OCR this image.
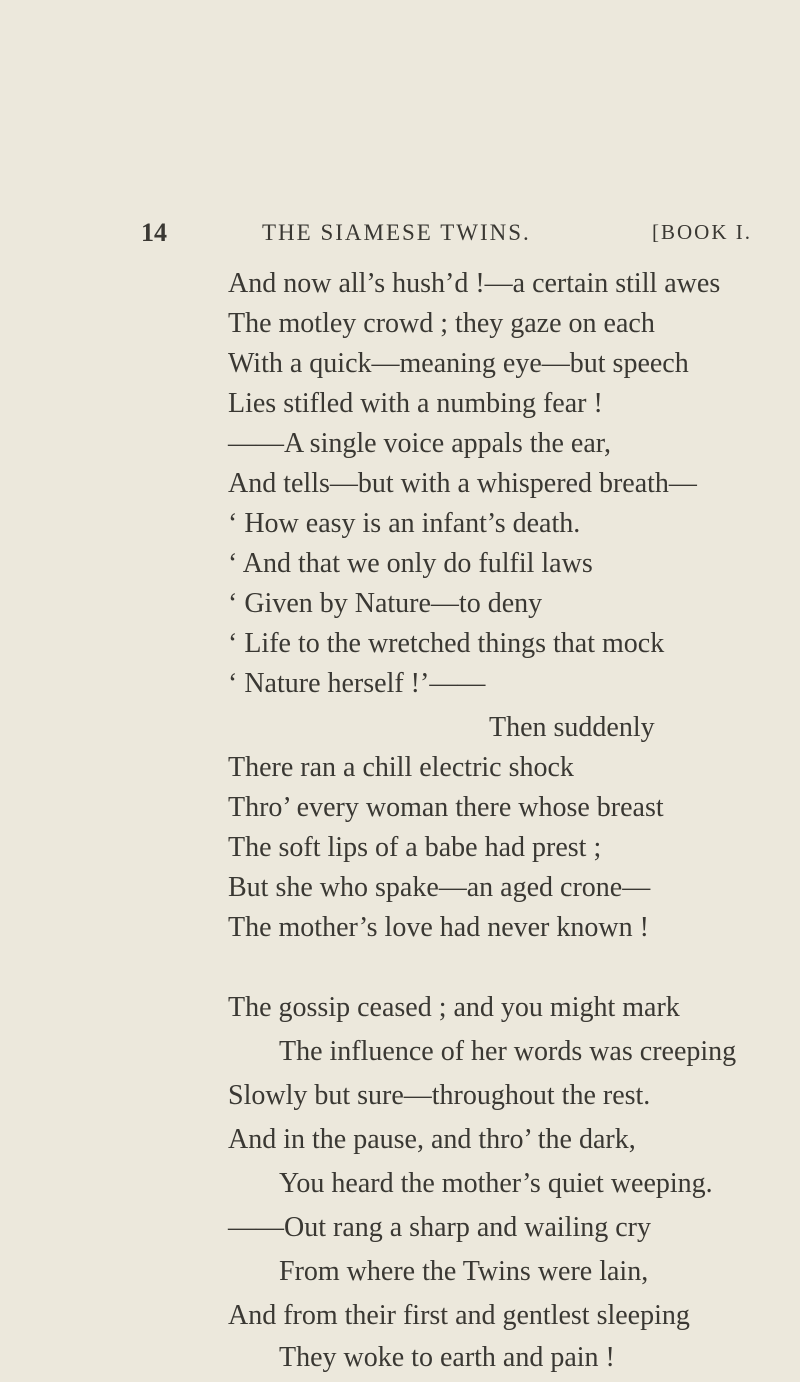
14	THE SIAMESE TWINS.	[BOOK I.
And now all’s hush’d !—a certain still awes
The motley crowd ; they gaze on each
With a quick—meaning eye—but speech
Lies stifled with a numbing fear !
——A single voice appals the ear,
And tells—but with a whispered breath—
‘ How easy is an infant’s death.
‘ And that we only do fulfil laws
‘ Given by Nature—to deny
‘ Life to the wretched things that mock
‘ Nature herself !’——
Then suddenly
There ran a chill electric shock
Thro’ every woman there whose breast
The soft lips of a babe had prest ;
But she who spake—an aged crone—
The mother’s love had never known !
The gossip ceased ; and you might mark
The influence of her words was creeping
Slowly but sure—throughout the rest.
And in the pause, and thro’ the dark,
You heard the mother’s quiet weeping.
——Out rang a sharp and wailing cry
From where the Twins were lain,
And from their first and gentlest sleeping
They woke to earth and pain !
